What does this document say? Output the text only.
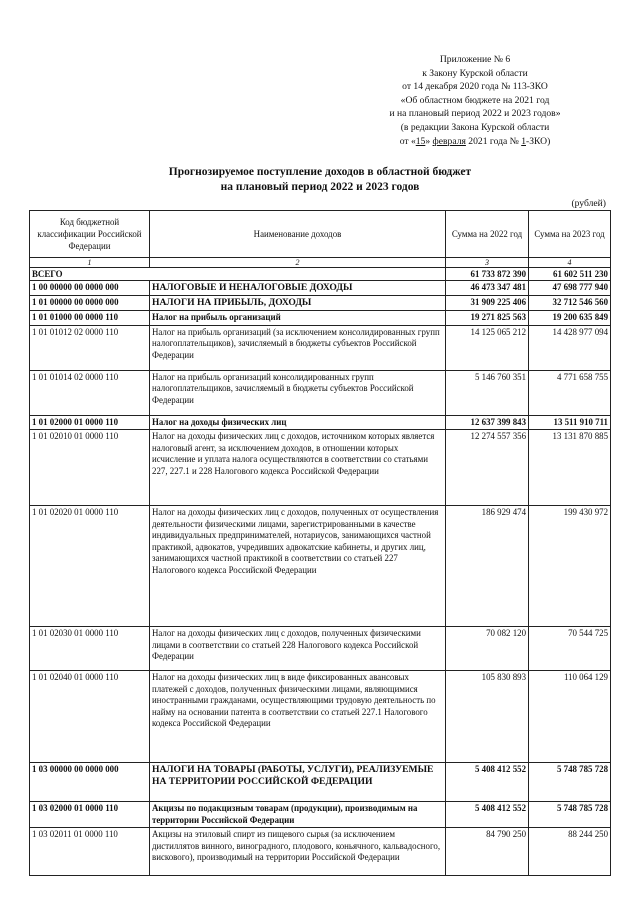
Приложение № 6
к Закону Курской области
от 14 декабря 2020 года № 113-ЗКО
«Об областном бюджете на 2021 год
и на плановый период 2022 и 2023 годов»
(в редакции Закона Курской области
от «15» февраля 2021 года № 1-ЗКО)
Прогнозируемое поступление доходов в областной бюджет
на плановый период 2022 и 2023 годов
(рублей)
Код бюджетной классификации Российской Федерации	Наименование доходов	Сумма на 2022 год	Сумма на 2023 год
1	2	3	4
ВСЕГО		61 733 872 390	61 602 511 230
1 00 00000 00 0000 000	НАЛОГОВЫЕ И НЕНАЛОГОВЫЕ ДОХОДЫ	46 473 347 481	47 698 777 940
1 01 00000 00 0000 000	НАЛОГИ НА ПРИБЫЛЬ, ДОХОДЫ	31 909 225 406	32 712 546 560
1 01 01000 00 0000 110	Налог на прибыль организаций	19 271 825 563	19 200 635 849
1 01 01012 02 0000 110	Налог на прибыль организаций (за исключением консолидированных групп налогоплательщиков), зачисляемый в бюджеты субъектов Российской Федерации	14 125 065 212	14 428 977 094
1 01 01014 02 0000 110	Налог на прибыль организаций консолидированных групп налогоплательщиков, зачисляемый в бюджеты субъектов Российской Федерации	5 146 760 351	4 771 658 755
1 01 02000 01 0000 110	Налог на доходы физических лиц	12 637 399 843	13 511 910 711
1 01 02010 01 0000 110	Налог на доходы физических лиц с доходов, источником которых является налоговый агент, за исключением доходов, в отношении которых исчисление и уплата налога осуществляются в соответствии со статьями 227, 227.1 и 228 Налогового кодекса Российской Федерации	12 274 557 356	13 131 870 885
1 01 02020 01 0000 110	Налог на доходы физических лиц с доходов, полученных от осуществления деятельности физическими лицами, зарегистрированными в качестве индивидуальных предпринимателей, нотариусов, занимающихся частной практикой, адвокатов, учредивших адвокатские кабинеты, и других лиц, занимающихся частной практикой в соответствии со статьей 227 Налогового кодекса Российской Федерации	186 929 474	199 430 972
1 01 02030 01 0000 110	Налог на доходы физических лиц с доходов, полученных физическими лицами в соответствии со статьей 228 Налогового кодекса Российской Федерации	70 082 120	70 544 725
1 01 02040 01 0000 110	Налог на доходы физических лиц в виде фиксированных авансовых платежей с доходов, полученных физическими лицами, являющимися иностранными гражданами, осуществляющими трудовую деятельность по найму на основании патента в соответствии со статьей 227.1 Налогового кодекса Российской Федерации	105 830 893	110 064 129
1 03 00000 00 0000 000	НАЛОГИ НА ТОВАРЫ (РАБОТЫ, УСЛУГИ), РЕАЛИЗУЕМЫЕ НА ТЕРРИТОРИИ РОССИЙСКОЙ ФЕДЕРАЦИИ	5 408 412 552	5 748 785 728
1 03 02000 01 0000 110	Акцизы по подакцизным товарам (продукции), производимым на территории Российской Федерации	5 408 412 552	5 748 785 728
1 03 02011 01 0000 110	Акцизы на этиловый спирт из пищевого сырья (за исключением дистиллятов винного, виноградного, плодового, коньячного, кальвадосного, вискового), производимый на территории Российской Федерации	84 790 250	88 244 250
